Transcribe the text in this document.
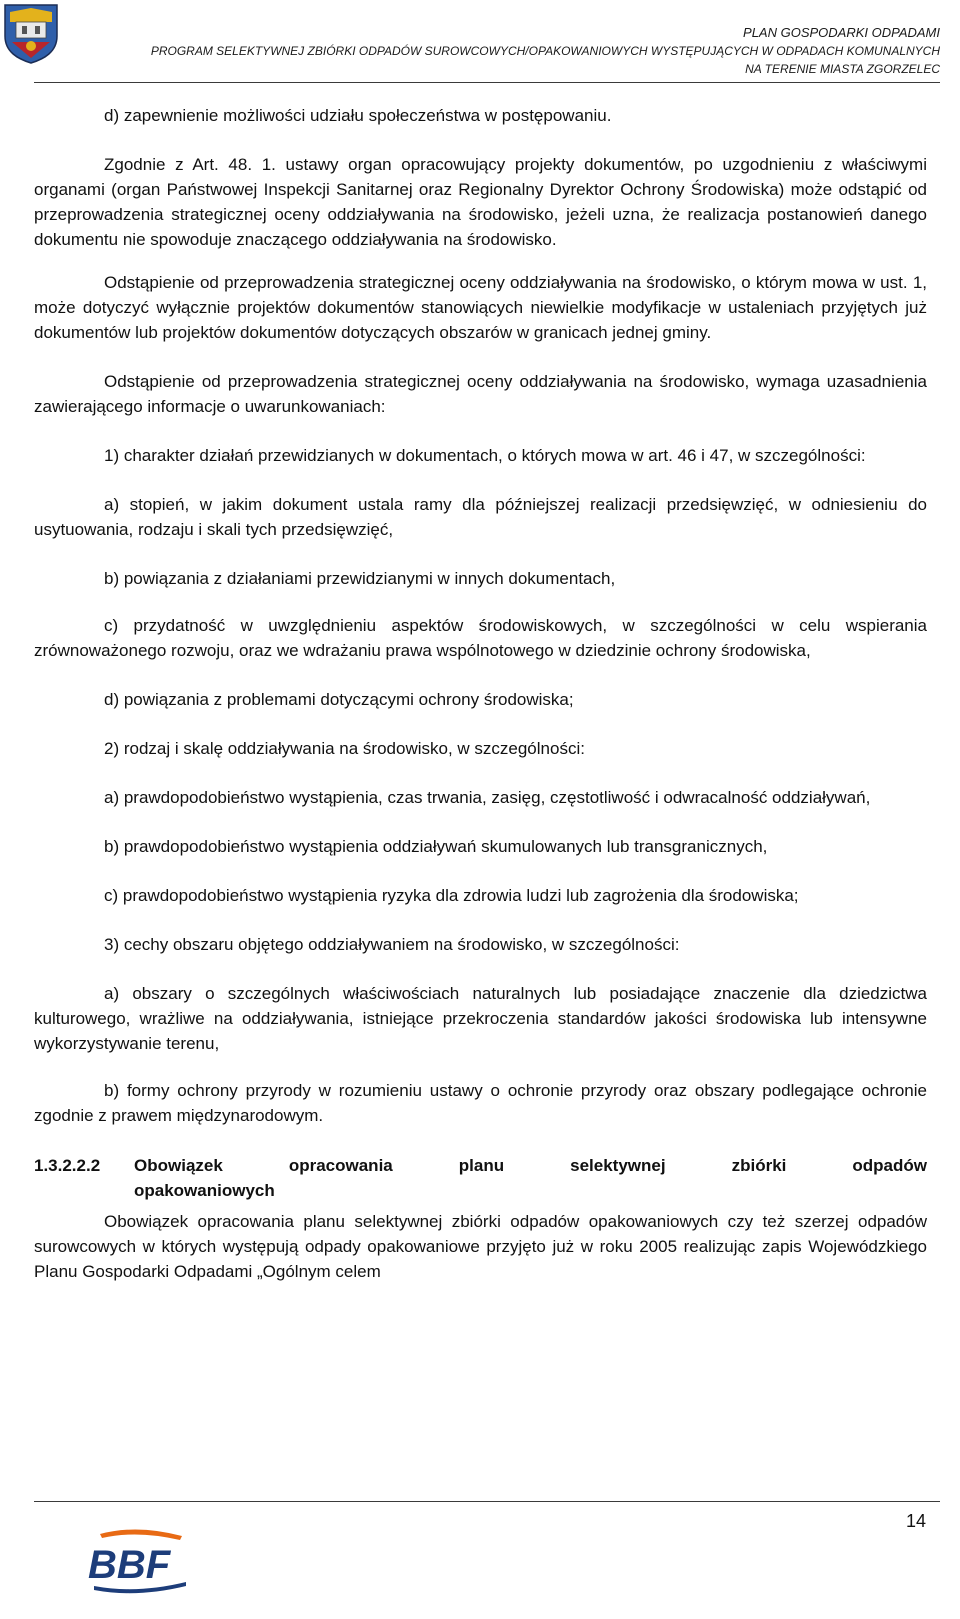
PLAN GOSPODARKI ODPADAMI
PROGRAM SELEKTYWNEJ ZBIÓRKI ODPADÓW SUROWCOWYCH/OPAKOWANIOWYCH WYSTĘPUJĄCYCH W ODPADACH KOMUNALNYCH
NA TERENIE MIASTA ZGORZELEC

d) zapewnienie możliwości udziału społeczeństwa w postępowaniu.

Zgodnie z Art. 48. 1. ustawy organ opracowujący projekty dokumentów, po uzgodnieniu z właściwymi organami (organ Państwowej Inspekcji Sanitarnej oraz Regionalny Dyrektor Ochrony Środowiska) może odstąpić od przeprowadzenia strategicznej oceny oddziaływania na środowisko, jeżeli uzna, że realizacja postanowień danego dokumentu nie spowoduje znaczącego oddziaływania na środowisko.

Odstąpienie od przeprowadzenia strategicznej oceny oddziaływania na środowisko, o którym mowa w ust. 1, może dotyczyć wyłącznie projektów dokumentów stanowiących niewielkie modyfikacje w ustaleniach przyjętych już dokumentów lub projektów dokumentów dotyczących obszarów w granicach jednej gminy.

Odstąpienie od przeprowadzenia strategicznej oceny oddziaływania na środowisko, wymaga uzasadnienia zawierającego informacje o uwarunkowaniach:

1) charakter działań przewidzianych w dokumentach, o których mowa w art. 46 i 47, w szczególności:

a) stopień, w jakim dokument ustala ramy dla późniejszej realizacji przedsięwzięć, w odniesieniu do usytuowania, rodzaju i skali tych przedsięwzięć,

b) powiązania z działaniami przewidzianymi w innych dokumentach,

c) przydatność w uwzględnieniu aspektów środowiskowych, w szczególności w celu wspierania zrównoważonego rozwoju, oraz we wdrażaniu prawa wspólnotowego w dziedzinie ochrony środowiska,

d) powiązania z problemami dotyczącymi ochrony środowiska;

2) rodzaj i skalę oddziaływania na środowisko, w szczególności:

a) prawdopodobieństwo wystąpienia, czas trwania, zasięg, częstotliwość i odwracalność oddziaływań,

b) prawdopodobieństwo wystąpienia oddziaływań skumulowanych lub transgranicznych,

c) prawdopodobieństwo wystąpienia ryzyka dla zdrowia ludzi lub zagrożenia dla środowiska;

3) cechy obszaru objętego oddziaływaniem na środowisko, w szczególności:

a) obszary o szczególnych właściwościach naturalnych lub posiadające znaczenie dla dziedzictwa kulturowego, wrażliwe na oddziaływania, istniejące przekroczenia standardów jakości środowiska lub intensywne wykorzystywanie terenu,

b) formy ochrony przyrody w rozumieniu ustawy o ochronie przyrody oraz obszary podlegające ochronie zgodnie z prawem międzynarodowym.

1.3.2.2.2	Obowiązek opracowania planu selektywnej zbiórki odpadów
opakowaniowych

Obowiązek opracowania planu selektywnej zbiórki odpadów opakowaniowych czy też szerzej odpadów surowcowych w których występują odpady opakowaniowe przyjęto już w roku 2005 realizując zapis Wojewódzkiego Planu Gospodarki Odpadami „Ogólnym celem

14
BBF
